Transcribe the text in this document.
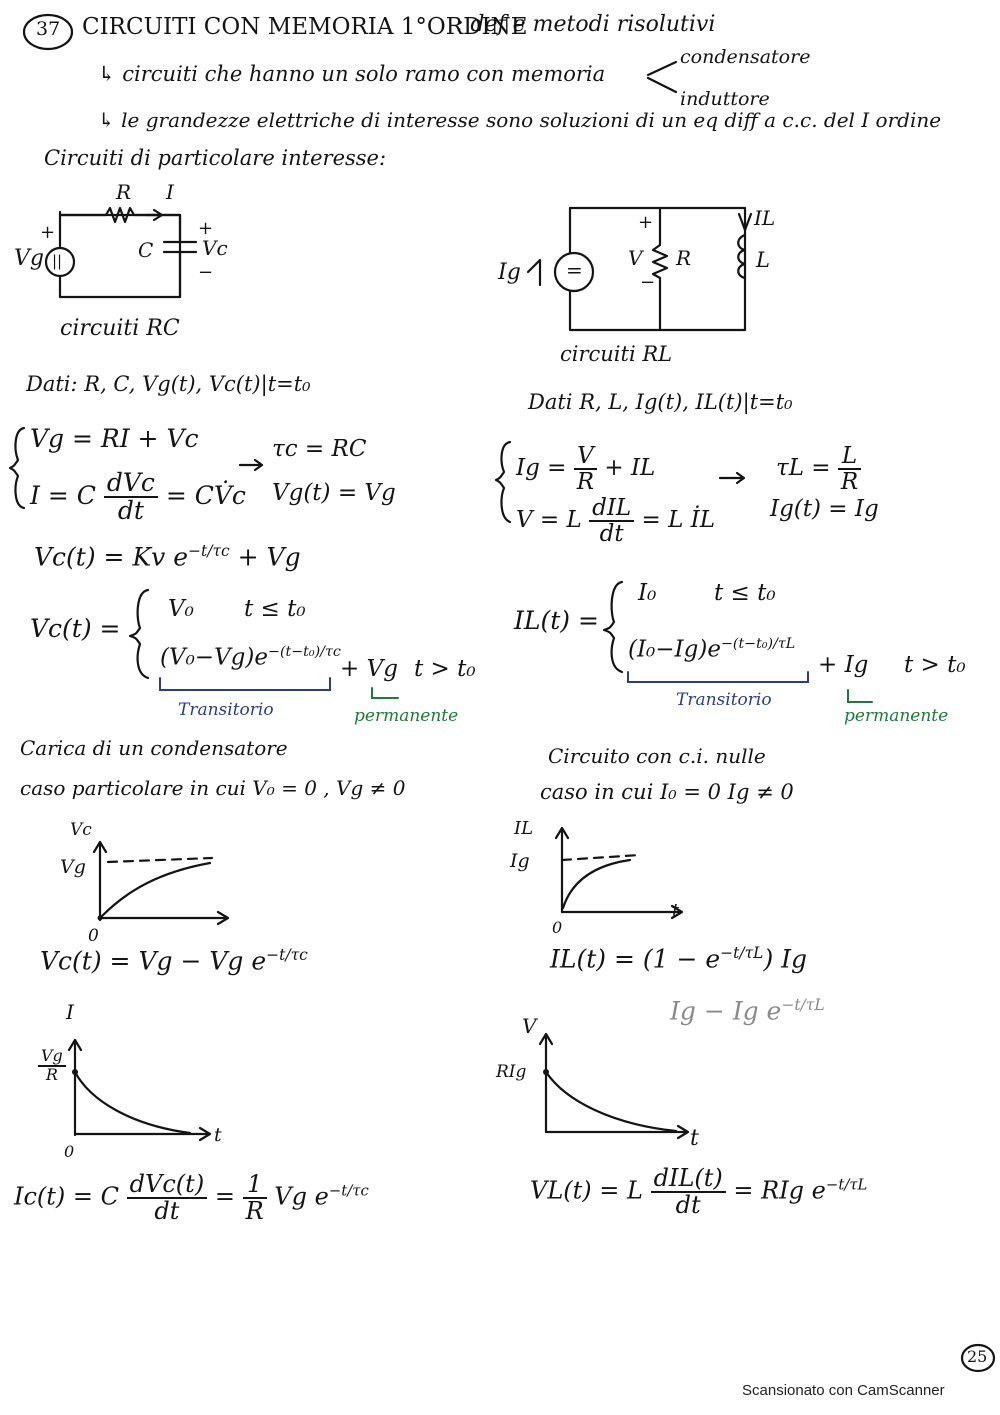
37 CIRCUITI CON MEMORIA 1°ORDINE
: def e metodi risolutivi
↳ circuiti che hanno un solo ramo con memoria
condensatore
induttore
↳ le grandezze elettriche di interesse sono soluzioni di un eq diff a c.c. del I ordine
Circuiti di particolare interesse:
R I
Vg
+
||	C
+
Vc
−
circuiti RC
Ig =
+
V
−
R
IL
L
circuiti RL
Dati: R, C, Vg(t), Vc(t)|t=t₀
Vg = RI + Vc
I = C $\frac{\text{dVc}}{dt}$ = CV̇c
τc = RC
Vg(t) = Vg
Vc(t) = Kv $e^{-t/\tau c} + Vg$
Vc(t) =
V₀ t ≤ t₀
$(V_0-Vg)e^{-(t-t_0)/\tau c}$
+ Vg t > t₀
Transitorio	permanente
Dati R, L, Ig(t), IL(t)|t=t₀
$Ig = \frac{V}{R}$ + IL
V = L $\frac{\text{dIL}}{dt} = L$ İL
$\tau L = \frac{L}{R}$
Ig(t) = Ig
IL(t) =
I₀	t ≤ t₀
$(I_0-Ig)e^{-(t-t_0)/\tau L}$
+ Ig t > t₀
Transitorio
permanente
Carica di un condensatore
caso particolare in cui V₀ = 0 , Vg ≠ 0
Vc
Vg
0
Vc(t) = Vg − Vg $e^{-t/\tau c}$
I
$\frac{Vg}{R}$
0
t
Ic(t) = C $\frac{\text{dVc(t)}}{dt} = \frac{1}{R}$ Vg $e^{-t/\tau c}$
Circuito con c.i. nulle
caso in cui I₀ = 0 Ig ≠ 0
IL
Ig
0
t
$IL(t) = (1 - e^{-t/\tau L})$ Ig
Ig − Ig $e^{-t/\tau L}$
V
RIg
t
VL(t) = L $\frac{\text{dIL(t)}}{dt}$ = RIg $e^{-t/\tau L}$
25
Scansionato con CamScanner
